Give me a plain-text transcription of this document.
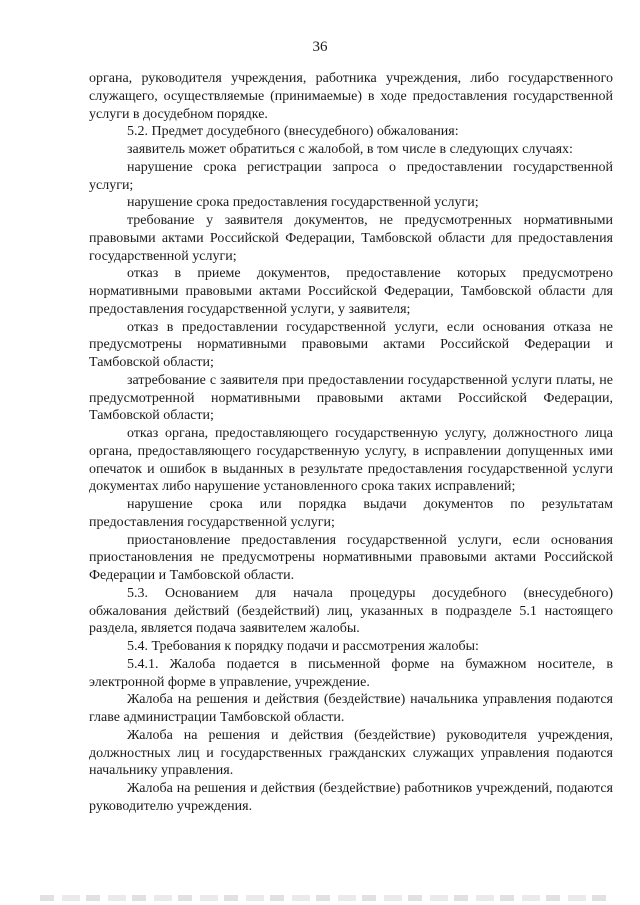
36

органа, руководителя учреждения, работника учреждения, либо государственного служащего, осуществляемые (принимаемые) в ходе предоставления государственной услуги в досудебном порядке.

5.2. Предмет досудебного (внесудебного) обжалования:

заявитель может обратиться с жалобой, в том числе в следующих случаях:

нарушение срока регистрации запроса о предоставлении государственной услуги;

нарушение срока предоставления государственной услуги;

требование у заявителя документов, не предусмотренных нормативными правовыми актами Российской Федерации, Тамбовской области для предоставления государственной услуги;

отказ в приеме документов, предоставление которых предусмотрено нормативными правовыми актами Российской Федерации, Тамбовской области для предоставления государственной услуги, у заявителя;

отказ в предоставлении государственной услуги, если основания отказа не предусмотрены нормативными правовыми актами Российской Федерации и Тамбовской области;

затребование с заявителя при предоставлении государственной услуги платы, не предусмотренной нормативными правовыми актами Российской Федерации, Тамбовской области;

отказ органа, предоставляющего государственную услугу, должностного лица органа, предоставляющего государственную услугу, в исправлении допущенных ими опечаток и ошибок в выданных в результате предоставления государственной услуги документах либо нарушение установленного срока таких исправлений;

нарушение срока или порядка выдачи документов по результатам предоставления государственной услуги;

приостановление предоставления государственной услуги, если основания приостановления не предусмотрены нормативными правовыми актами Российской Федерации и Тамбовской области.

5.3. Основанием для начала процедуры досудебного (внесудебного) обжалования действий (бездействий) лиц, указанных в подразделе 5.1 настоящего раздела, является подача заявителем жалобы.

5.4. Требования к порядку подачи и рассмотрения жалобы:

5.4.1. Жалоба подается в письменной форме на бумажном носителе, в электронной форме в управление, учреждение.

Жалоба на решения и действия (бездействие) начальника управления подаются главе администрации Тамбовской области.

Жалоба на решения и действия (бездействие) руководителя учреждения, должностных лиц и государственных гражданских служащих управления подаются начальнику управления.

Жалоба на решения и действия (бездействие) работников учреждений, подаются руководителю учреждения.
